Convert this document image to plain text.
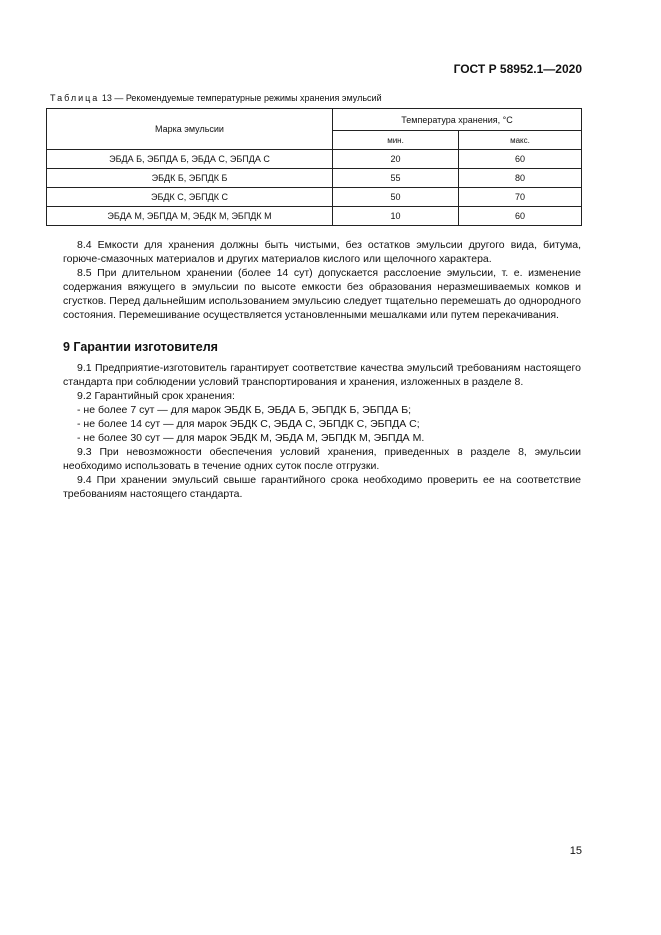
ГОСТ Р 58952.1—2020
Таблица 13 — Рекомендуемые температурные режимы хранения эмульсий
Марка эмульсии	Температура хранения, °С	
	мин.	макс.
ЭБДА Б, ЭБПДА Б, ЭБДА С, ЭБПДА С	20	60
ЭБДК Б, ЭБПДК Б	55	80
ЭБДК С, ЭБПДК С	50	70
ЭБДА М, ЭБПДА М, ЭБДК М, ЭБПДК М	10	60

8.4 Емкости для хранения должны быть чистыми, без остатков эмульсии другого вида, битума, горюче-смазочных материалов и других материалов кислого или щелочного характера.

8.5 При длительном хранении (более 14 сут) допускается расслоение эмульсии, т. е. изменение содержания вяжущего в эмульсии по высоте емкости без образования неразмешиваемых комков и сгустков. Перед дальнейшим использованием эмульсию следует тщательно перемешать до однородного состояния. Перемешивание осуществляется установленными мешалками или путем перекачивания.

9 Гарантии изготовителя

9.1 Предприятие-изготовитель гарантирует соответствие качества эмульсий требованиям настоящего стандарта при соблюдении условий транспортирования и хранения, изложенных в разделе 8.

9.2 Гарантийный срок хранения:

- не более 7 сут — для марок ЭБДК Б, ЭБДА Б, ЭБПДК Б, ЭБПДА Б;

- не более 14 сут — для марок ЭБДК С, ЭБДА С, ЭБПДК С, ЭБПДА С;

- не более 30 сут — для марок ЭБДК М, ЭБДА М, ЭБПДК М, ЭБПДА М.

9.3 При невозможности обеспечения условий хранения, приведенных в разделе 8, эмульсии необходимо использовать в течение одних суток после отгрузки.

9.4 При хранении эмульсий свыше гарантийного срока необходимо проверить ее на соответствие требованиям настоящего стандарта.

15
